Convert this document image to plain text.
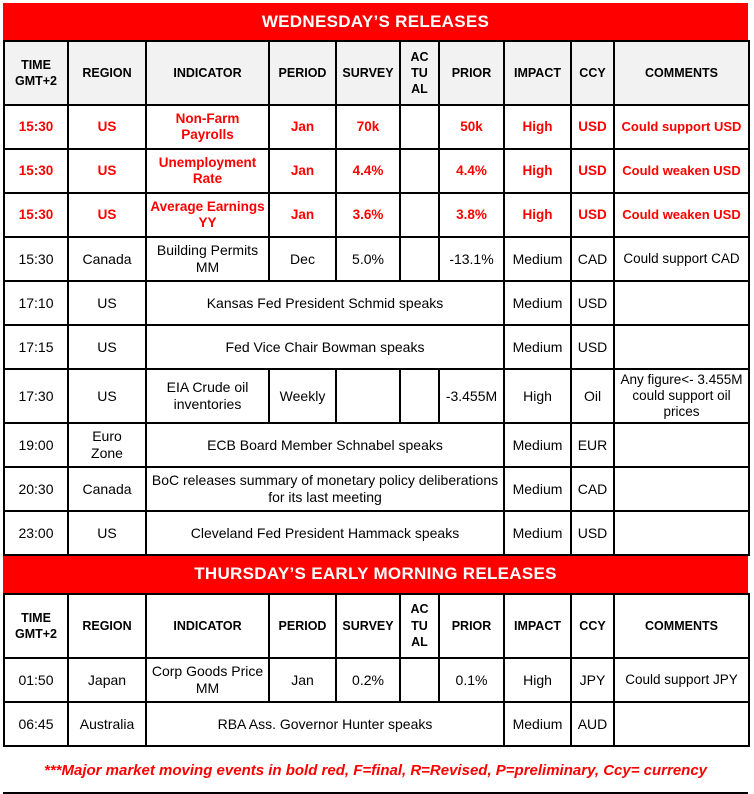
WEDNESDAY’S RELEASES
TIME GMT+2	REGION	INDICATOR	PERIOD	SURVEY	ACTUAL	PRIOR	IMPACT	CCY	COMMENTS
15:30	US	Non-Farm Payrolls	Jan	70k		50k	High	USD	Could support USD
15:30	US	Unemployment Rate	Jan	4.4%		4.4%	High	USD	Could weaken USD
15:30	US	Average Earnings YY	Jan	3.6%		3.8%	High	USD	Could weaken USD
15:30	Canada	Building Permits MM	Dec	5.0%		-13.1%	Medium	CAD	Could support CAD
17:10	US	Kansas Fed President Schmid speaks					Medium	USD	
17:15	US	Fed Vice Chair Bowman speaks					Medium	USD	
17:30	US	EIA Crude oil inventories	Weekly			-3.455M	High	Oil	Any figure<- 3.455M could support oil prices
19:00	Euro Zone	ECB Board Member Schnabel speaks					Medium	EUR	
20:30	Canada	BoC releases summary of monetary policy deliberations for its last meeting					Medium	CAD	
23:00	US	Cleveland Fed President Hammack speaks					Medium	USD	
THURSDAY’S EARLY MORNING RELEASES
TIME GMT+2	REGION	INDICATOR	PERIOD	SURVEY	ACTUAL	PRIOR	IMPACT	CCY	COMMENTS
01:50	Japan	Corp Goods Price MM	Jan	0.2%		0.1%	High	JPY	Could support JPY
06:45	Australia	RBA Ass. Governor Hunter speaks					Medium	AUD	
***Major market moving events in bold red, F=final, R=Revised, P=preliminary, Ccy= currency
